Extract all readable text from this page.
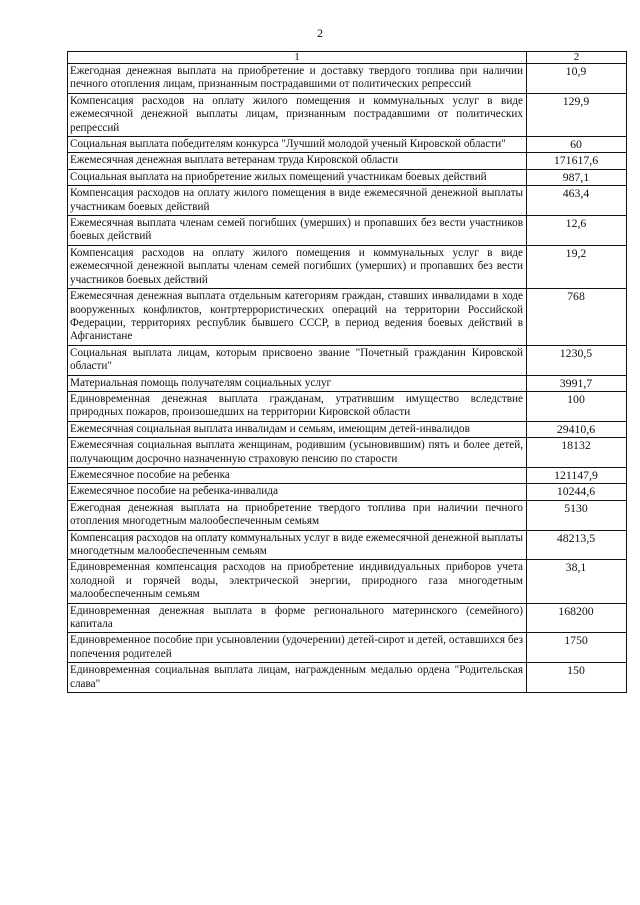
2
1	2
Ежегодная денежная выплата на приобретение и доставку твердого топлива при наличии печного отопления лицам, признанным пострадавшими от политических репрессий	10,9
Компенсация расходов на оплату жилого помещения и коммунальных услуг в виде ежемесячной денежной выплаты лицам, признанным пострадавшими от политических репрессий	129,9
Социальная выплата победителям конкурса "Лучший молодой ученый Кировской области"	60
Ежемесячная денежная выплата ветеранам труда Кировской области	171617,6
Социальная выплата на приобретение жилых помещений участникам боевых действий	987,1
Компенсация расходов на оплату жилого помещения в виде ежемесячной денежной выплаты участникам боевых действий	463,4
Ежемесячная выплата членам семей погибших (умерших) и пропавших без вести участников боевых действий	12,6
Компенсация расходов на оплату жилого помещения и коммунальных услуг в виде ежемесячной денежной выплаты членам семей погибших (умерших) и пропавших без вести участников боевых действий	19,2
Ежемесячная денежная выплата отдельным категориям граждан, ставших инвалидами в ходе вооруженных конфликтов, контртеррористических операций на территории Российской Федерации, территориях республик бывшего СССР, в период ведения боевых действий в Афганистане	768
Социальная выплата лицам, которым присвоено звание "Почетный гражданин Кировской области"	1230,5
Материальная помощь получателям социальных услуг	3991,7
Единовременная денежная выплата гражданам, утратившим имущество вследствие природных пожаров, произошедших на территории Кировской области	100
Ежемесячная социальная выплата инвалидам и семьям, имеющим детей-инвалидов	29410,6
Ежемесячная социальная выплата женщинам, родившим (усыновившим) пять и более детей, получающим досрочно назначенную страховую пенсию по старости	18132
Ежемесячное пособие на ребенка	121147,9
Ежемесячное пособие на ребенка-инвалида	10244,6
Ежегодная денежная выплата на приобретение твердого топлива при наличии печного отопления многодетным малообеспеченным семьям	5130
Компенсация расходов на оплату коммунальных услуг в виде ежемесячной денежной выплаты многодетным малообеспеченным семьям	48213,5
Единовременная компенсация расходов на приобретение индивидуальных приборов учета холодной и горячей воды, электрической энергии, природного газа многодетным малообеспеченным семьям	38,1
Единовременная денежная выплата в форме регионального материнского (семейного) капитала	168200
Единовременное пособие при усыновлении (удочерении) детей-сирот и детей, оставшихся без попечения родителей	1750
Единовременная социальная выплата лицам, награжденным медалью ордена "Родительская слава"	150
